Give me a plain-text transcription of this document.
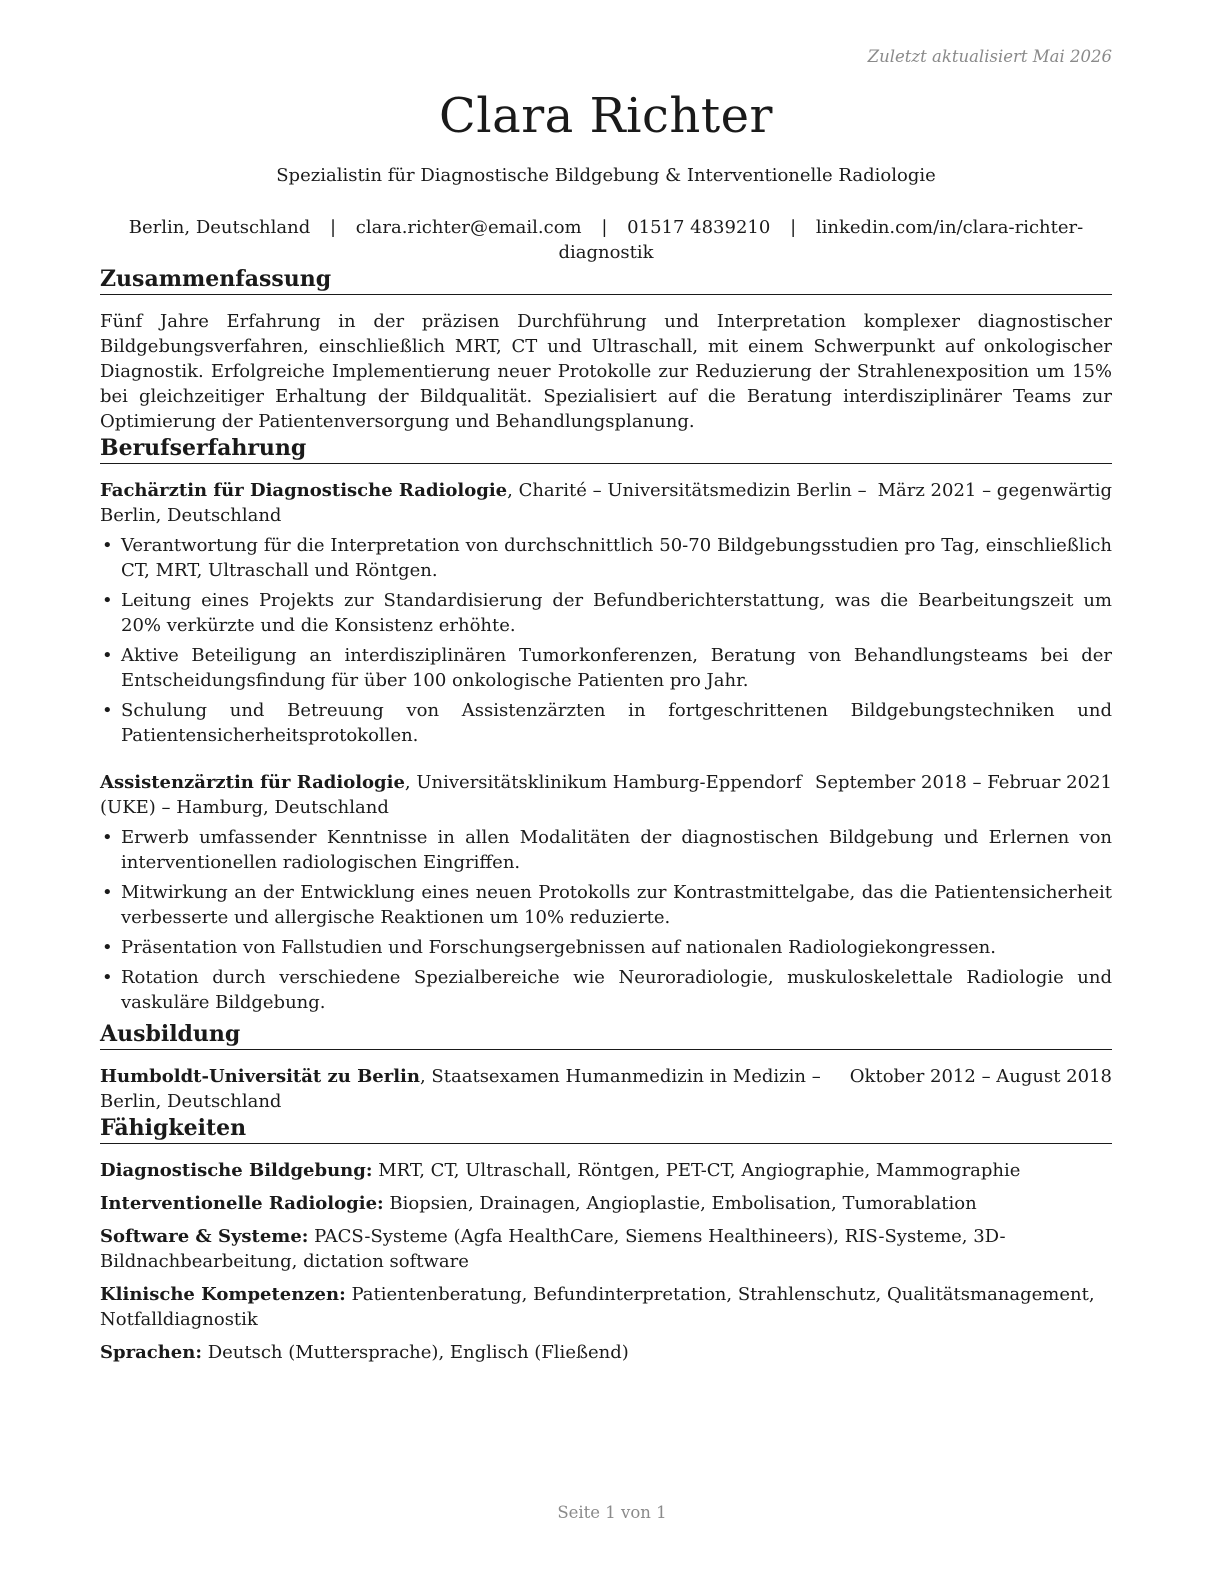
Zuletzt aktualisiert Mai 2026
Clara Richter
Spezialistin für Diagnostische Bildgebung & Interventionelle Radiologie
Berlin, Deutschland | clara.richter@email.com | 01517 4839210 | linkedin.com/in/clara-richter-diagnostik
Zusammenfassung
Fünf Jahre Erfahrung in der präzisen Durchführung und Interpretation komplexer diagnostischer Bildgebungsverfahren, einschließlich MRT, CT und Ultraschall, mit einem Schwerpunkt auf onkologischer Diagnostik. Erfolgreiche Implementierung neuer Protokolle zur Reduzierung der Strahlenexposition um 15% bei gleichzeitiger Erhaltung der Bildqualität. Spezialisiert auf die Beratung interdisziplinärer Teams zur Optimierung der Patientenversorgung und Behandlungsplanung.
Berufserfahrung
Fachärztin für Diagnostische Radiologie, Charité – Universitätsmedizin Berlin – Berlin, Deutschland
März 2021 – gegenwärtig
• Verantwortung für die Interpretation von durchschnittlich 50-70 Bildgebungsstudien pro Tag, einschließlich CT, MRT, Ultraschall und Röntgen.
• Leitung eines Projekts zur Standardisierung der Befundberichterstattung, was die Bearbeitungszeit um 20% verkürzte und die Konsistenz erhöhte.
• Aktive Beteiligung an interdisziplinären Tumorkonferenzen, Beratung von Behandlungsteams bei der Entscheidungsfindung für über 100 onkologische Patienten pro Jahr.
• Schulung und Betreuung von Assistenzärzten in fortgeschrittenen Bildgebungstechniken und Patientensicherheitsprotokollen.
Assistenzärztin für Radiologie, Universitätsklinikum Hamburg-Eppendorf (UKE) – Hamburg, Deutschland
September 2018 – Februar 2021
• Erwerb umfassender Kenntnisse in allen Modalitäten der diagnostischen Bildgebung und Erlernen von interventionellen radiologischen Eingriffen.
• Mitwirkung an der Entwicklung eines neuen Protokolls zur Kontrastmittelgabe, das die Patientensicherheit verbesserte und allergische Reaktionen um 10% reduzierte.
• Präsentation von Fallstudien und Forschungsergebnissen auf nationalen Radiologiekongressen.
• Rotation durch verschiedene Spezialbereiche wie Neuroradiologie, muskuloskelettale Radiologie und vaskuläre Bildgebung.
Ausbildung
Humboldt-Universität zu Berlin, Staatsexamen Humanmedizin in Medizin – Berlin, Deutschland
Oktober 2012 – August 2018
Fähigkeiten
Diagnostische Bildgebung: MRT, CT, Ultraschall, Röntgen, PET-CT, Angiographie, Mammographie
Interventionelle Radiologie: Biopsien, Drainagen, Angioplastie, Embolisation, Tumorablation
Software & Systeme: PACS-Systeme (Agfa HealthCare, Siemens Healthineers), RIS-Systeme, 3D-Bildnachbearbeitung, dictation software
Klinische Kompetenzen: Patientenberatung, Befundinterpretation, Strahlenschutz, Qualitätsmanagement, Notfalldiagnostik
Sprachen: Deutsch (Muttersprache), Englisch (Fließend)
Seite 1 von 1
